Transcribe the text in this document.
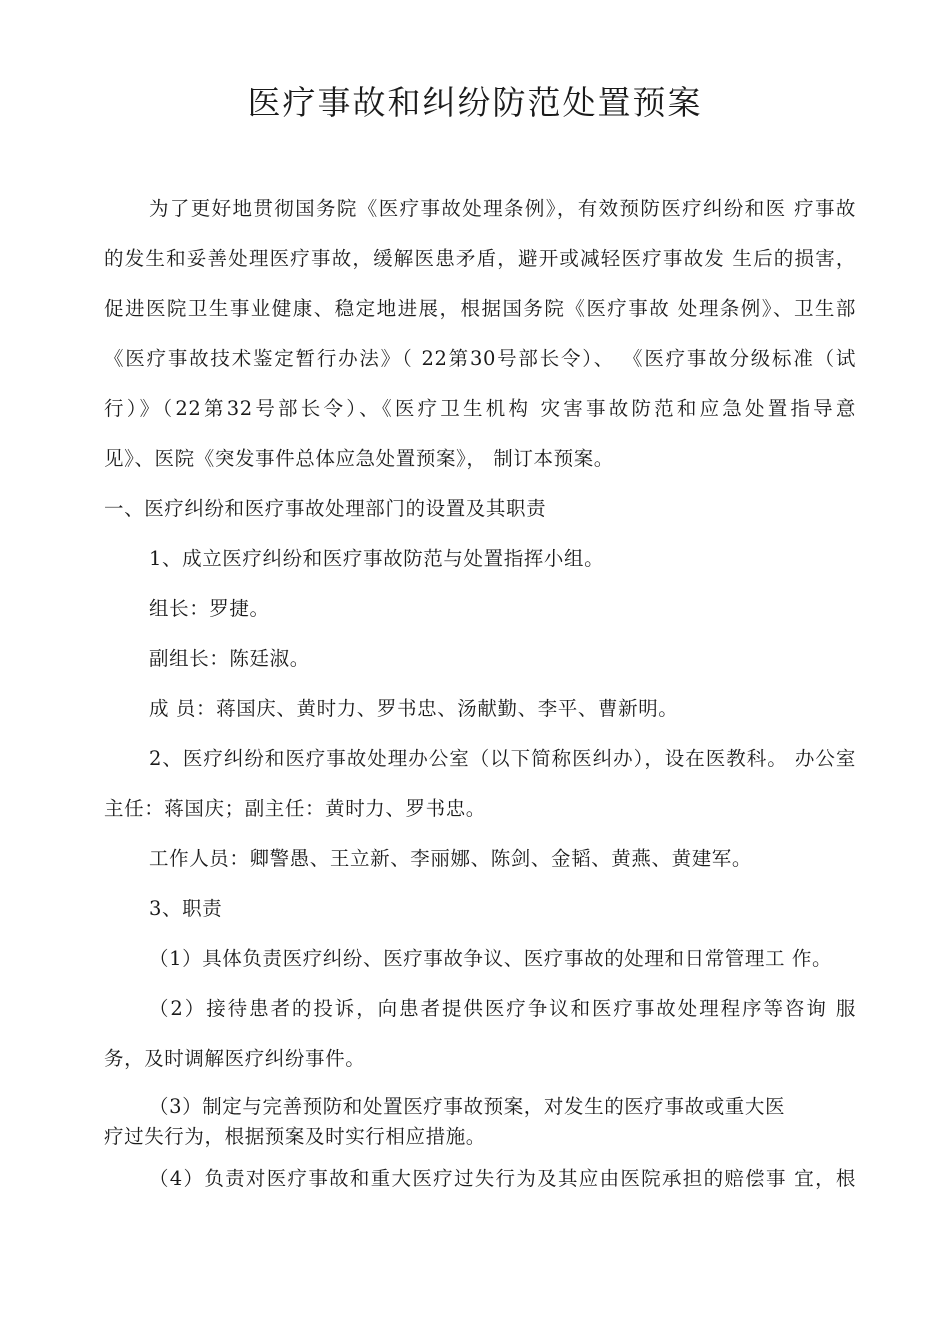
医疗事故和纠纷防范处置预案
为了更好地贯彻国务院《医疗事故处理条例》，有效预防医疗纠纷和医 疗事故
的发生和妥善处理医疗事故，缓解医患矛盾，避开或减轻医疗事故发 生后的损害，
促进医院卫生事业健康、稳定地进展，根据国务院《医疗事故 处理条例》、卫生部
《医疗事故技术鉴定暂行办法》（ 22第30号部长令）、 《医疗事故分级标准（试
行）》（22第32号部长令）、《医疗卫生机构 灾害事故防范和应急处置指导意
见》、医院《突发事件总体应急处置预案》， 制订本预案。
一、医疗纠纷和医疗事故处理部门的设置及其职责
1、成立医疗纠纷和医疗事故防范与处置指挥小组。
组长：罗捷。
副组长：陈廷淑。
成 员：蒋国庆、黄时力、罗书忠、汤献勤、李平、曹新明。
2、医疗纠纷和医疗事故处理办公室（以下简称医纠办），设在医教科。 办公室
主任：蒋国庆；副主任：黄时力、罗书忠。
工作人员：卿警愚、王立新、李丽娜、陈剑、金韬、黄燕、黄建军。
3、职责
（1）具体负责医疗纠纷、医疗事故争议、医疗事故的处理和日常管理工 作。
（2）接待患者的投诉，向患者提供医疗争议和医疗事故处理程序等咨询 服
务，及时调解医疗纠纷事件。
（3）制定与完善预防和处置医疗事故预案，对发生的医疗事故或重大医
疗过失行为，根据预案及时实行相应措施。
（4）负责对医疗事故和重大医疗过失行为及其应由医院承担的赔偿事 宜，根
